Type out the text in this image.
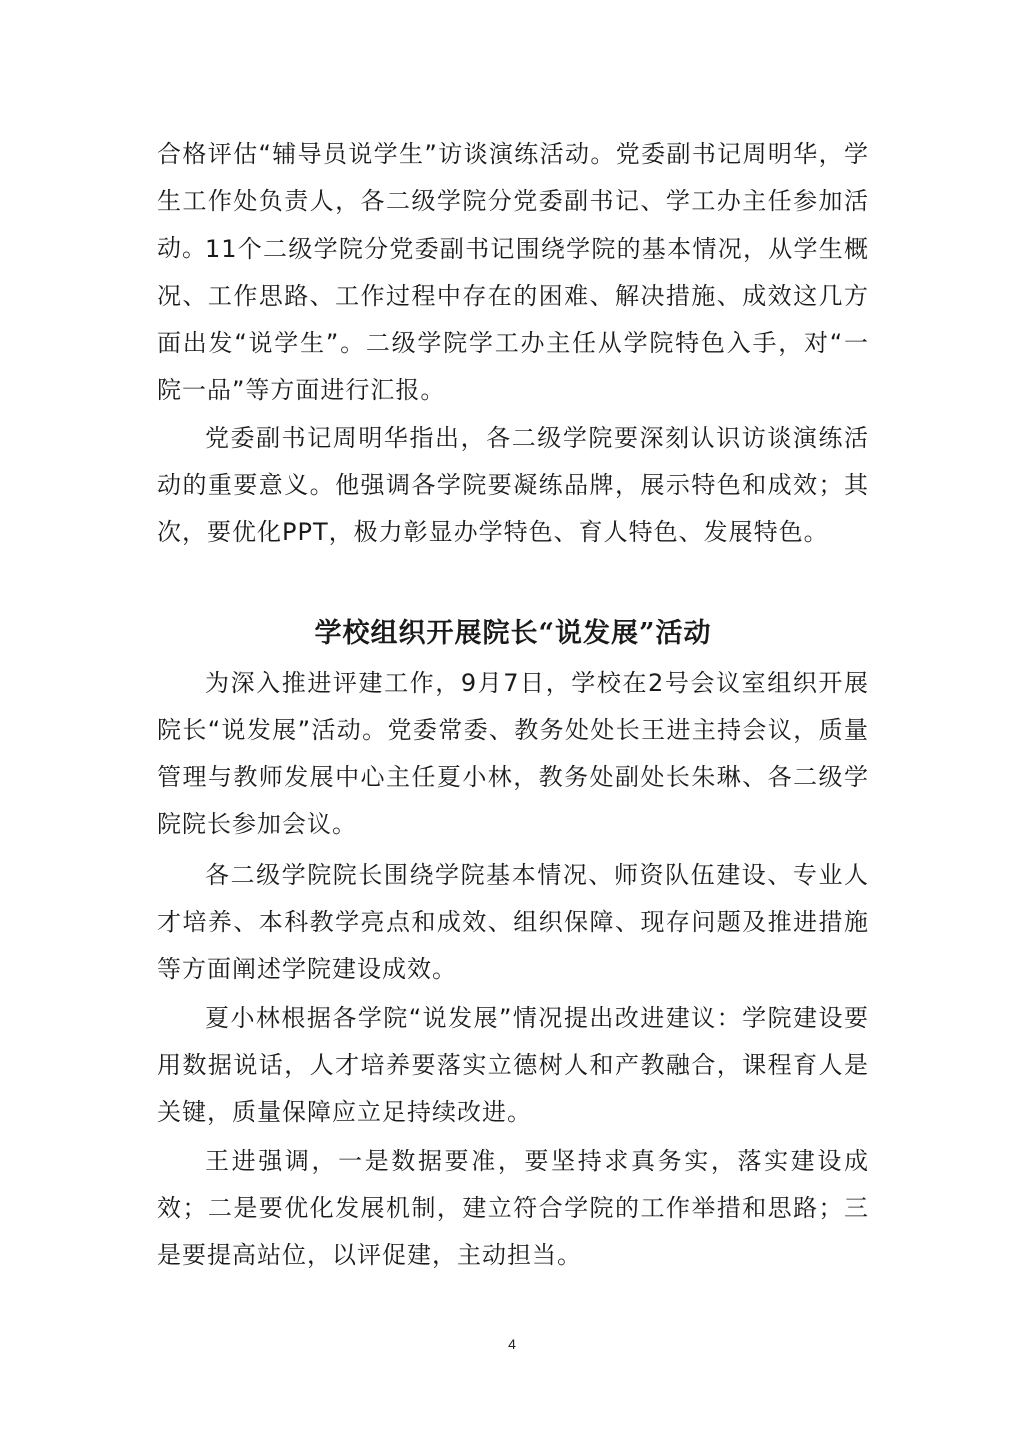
合格评估“辅导员说学生”访谈演练活动。党委副书记周明华，学生工作处负责人，各二级学院分党委副书记、学工办主任参加活动。

11个二级学院分党委副书记围绕学院的基本情况，从学生概况、工作思路、工作过程中存在的困难、解决措施、成效这几方面出发“说学生”。二级学院学工办主任从学院特色入手，对“一院一品”等方面进行汇报。

党委副书记周明华指出，各二级学院要深刻认识访谈演练活动的重要意义。他强调各学院要凝练品牌，展示特色和成效；其次，要优化PPT，极力彰显办学特色、育人特色、发展特色。

学校组织开展院长“说发展”活动

为深入推进评建工作，9月7日，学校在2号会议室组织开展院长“说发展”活动。党委常委、教务处处长王进主持会议，质量管理与教师发展中心主任夏小林，教务处副处长朱琳、各二级学院院长参加会议。

各二级学院院长围绕学院基本情况、师资队伍建设、专业人才培养、本科教学亮点和成效、组织保障、现存问题及推进措施等方面阐述学院建设成效。

夏小林根据各学院“说发展”情况提出改进建议：学院建设要用数据说话，人才培养要落实立德树人和产教融合，课程育人是关键，质量保障应立足持续改进。

王进强调，一是数据要准，要坚持求真务实，落实建设成效；二是要优化发展机制，建立符合学院的工作举措和思路；三是要提高站位，以评促建，主动担当。

4
